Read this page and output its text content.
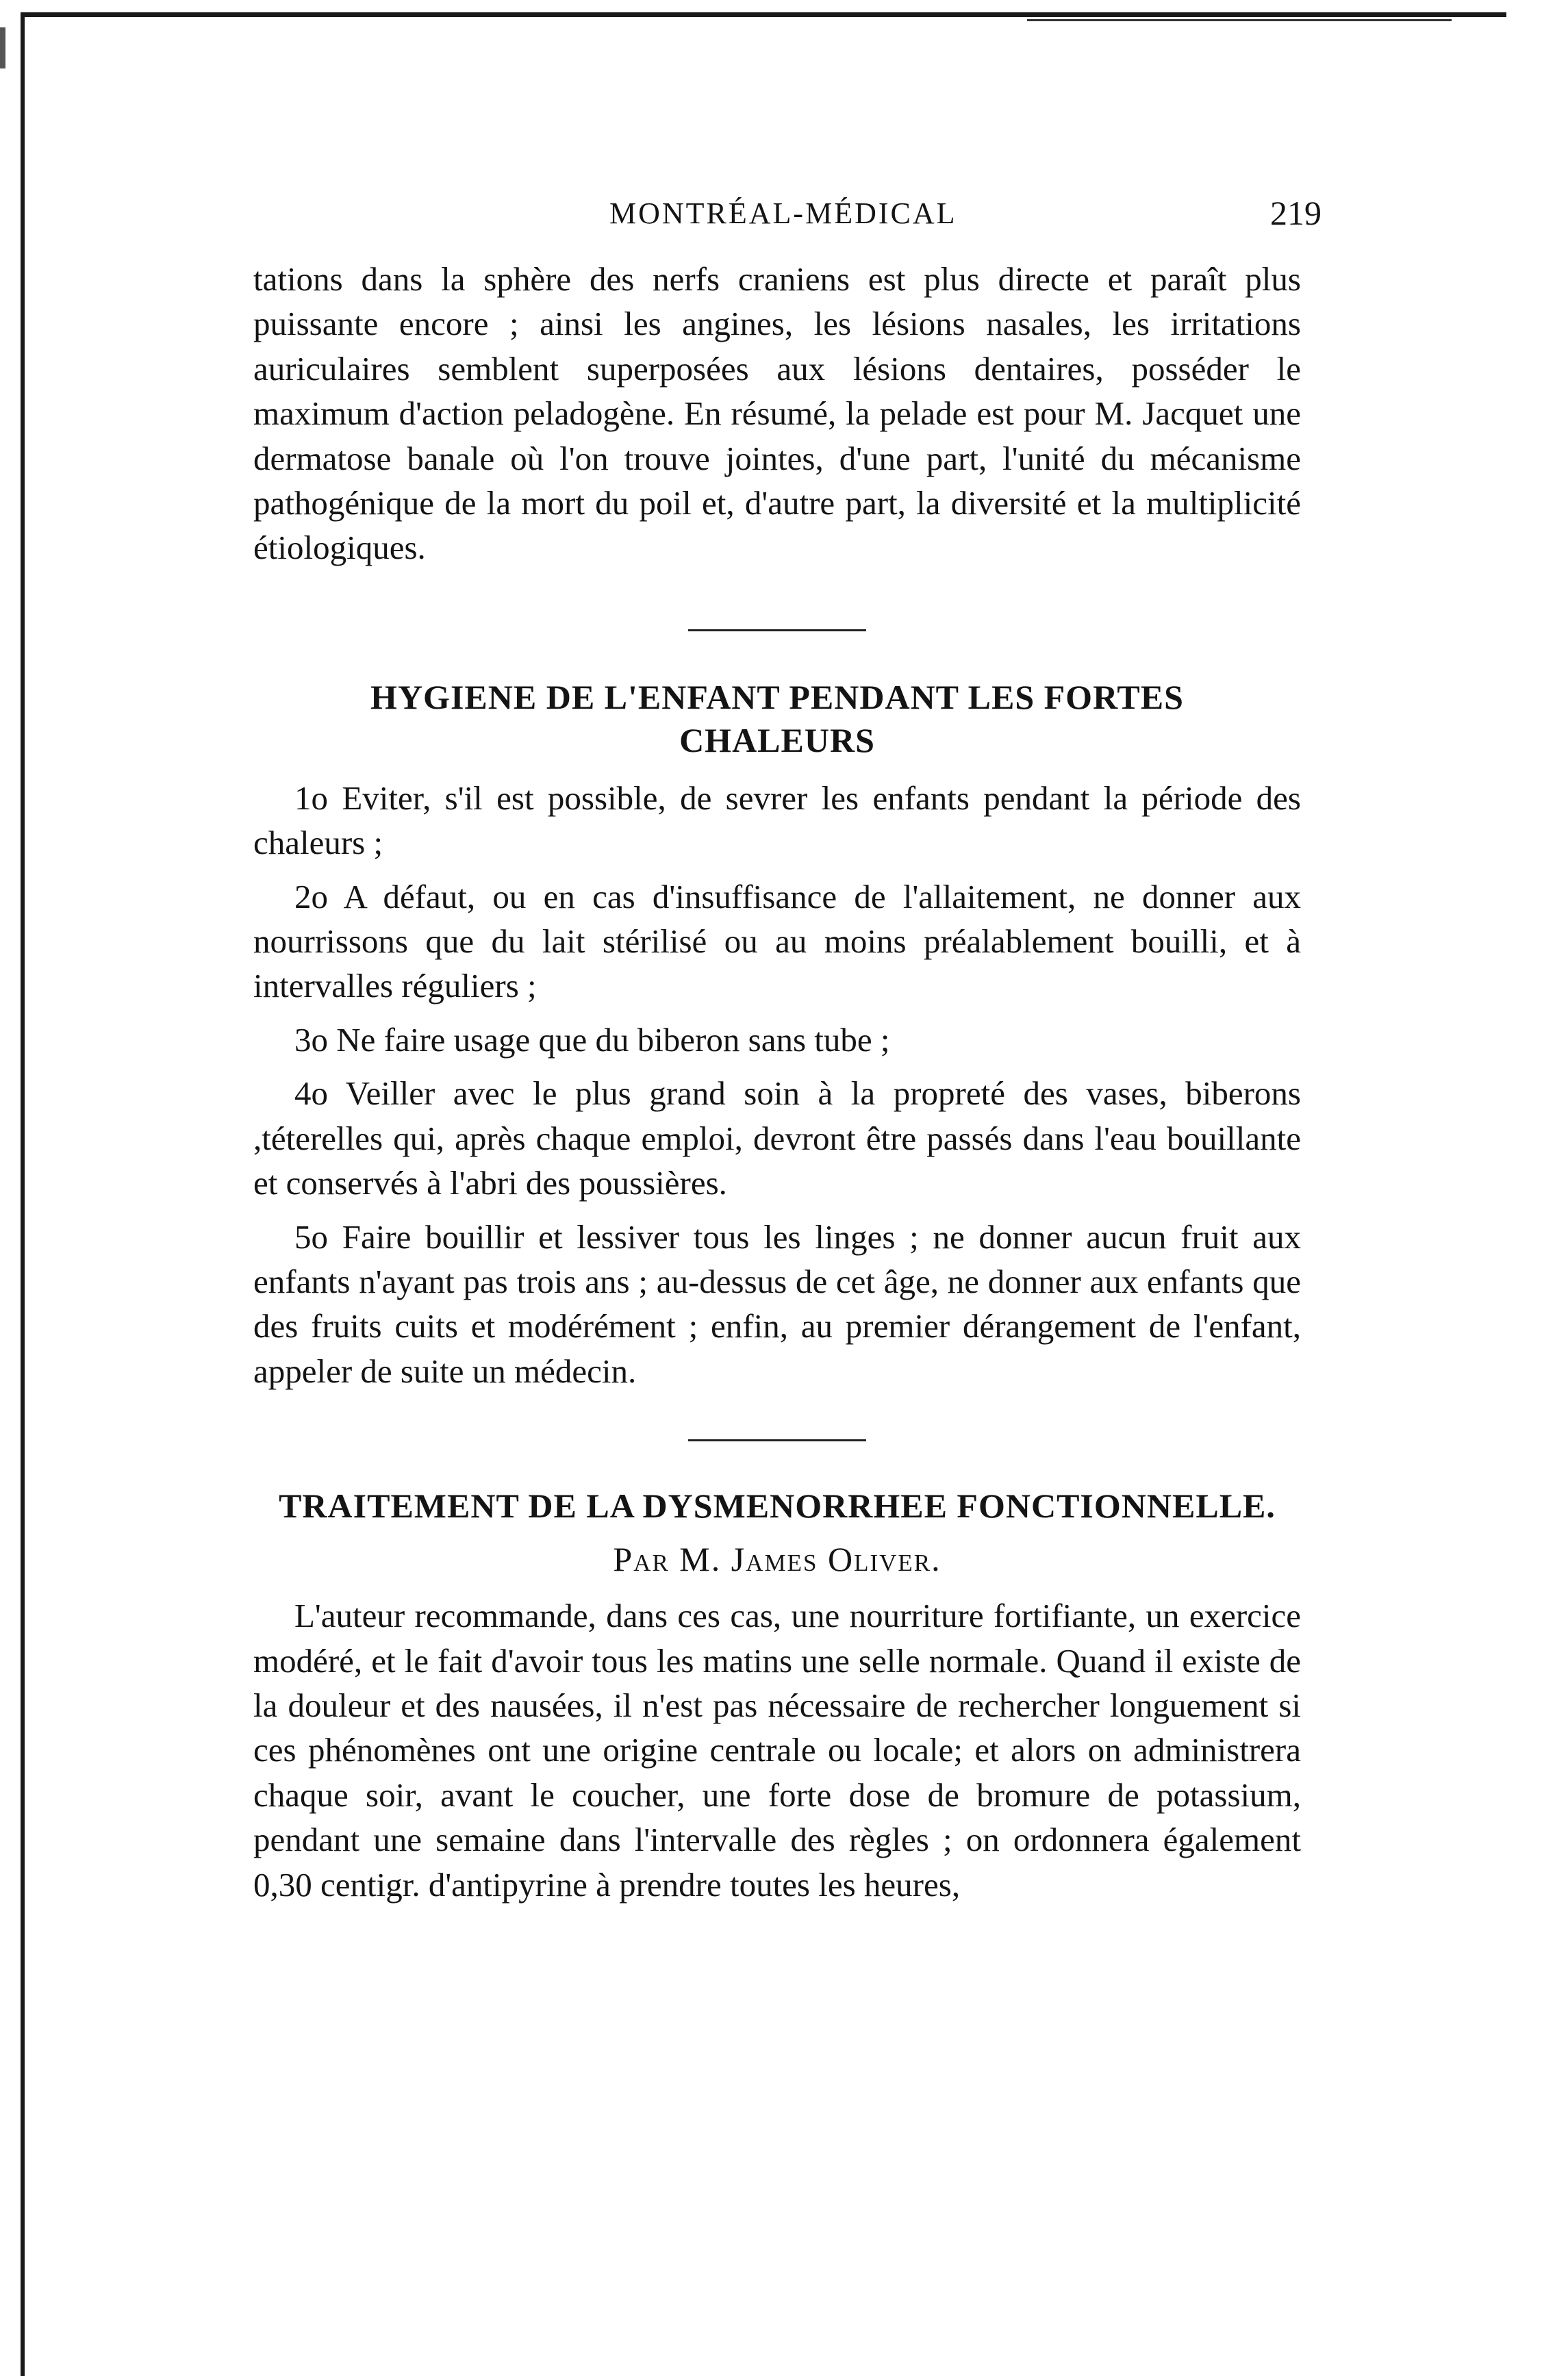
MONTRÉAL-MÉDICAL	219

tations dans la sphère des nerfs craniens est plus directe et paraît plus puissante encore ; ainsi les angines, les lésions nasales, les irritations auriculaires semblent superposées aux lésions dentaires, posséder le maximum d'action peladogène. En résumé, la pelade est pour M. Jacquet une dermatose banale où l'on trouve jointes, d'une part, l'unité du mécanisme pathogénique de la mort du poil et, d'autre part, la diversité et la multiplicité étiologiques.

HYGIENE DE L'ENFANT PENDANT LES FORTES
CHALEURS

1o Eviter, s'il est possible, de sevrer les enfants pendant la période des chaleurs ;

2o A défaut, ou en cas d'insuffisance de l'allaitement, ne donner aux nourrissons que du lait stérilisé ou au moins préalablement bouilli, et à intervalles réguliers ;

3o Ne faire usage que du biberon sans tube ;

4o Veiller avec le plus grand soin à la propreté des vases, biberons ,téterelles qui, après chaque emploi, devront être passés dans l'eau bouillante et conservés à l'abri des poussières.

5o Faire bouillir et lessiver tous les linges ; ne donner aucun fruit aux enfants n'ayant pas trois ans ; au-dessus de cet âge, ne donner aux enfants que des fruits cuits et modérément ; enfin, au premier dérangement de l'enfant, appeler de suite un médecin.

TRAITEMENT DE LA DYSMENORRHEE FONCTIONNELLE.
Par M. James Oliver.

L'auteur recommande, dans ces cas, une nourriture fortifiante, un exercice modéré, et le fait d'avoir tous les matins une selle normale. Quand il existe de la douleur et des nausées, il n'est pas nécessaire de rechercher longuement si ces phénomènes ont une origine centrale ou locale; et alors on administrera chaque soir, avant le coucher, une forte dose de bromure de potassium, pendant une semaine dans l'intervalle des règles ; on ordonnera également 0,30 centigr. d'antipyrine à prendre toutes les heures,
